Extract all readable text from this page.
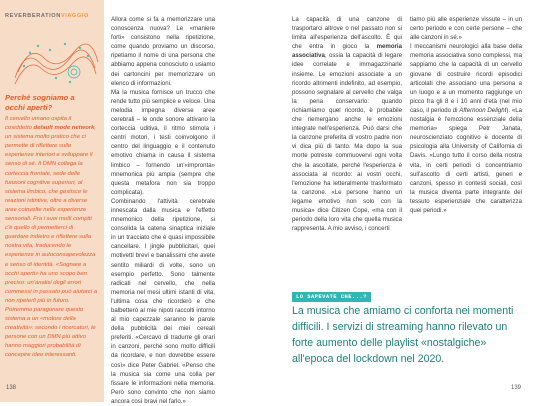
REVERBERATIONVIAGGIO
Perché sogniamo a occhi aperti?
Il cervello umano ospita il cosiddetto default mode network, un sistema molto pratico che ci permette di riflettere sulle esperienze interiori e sviluppare il senso di sé. Il DMN collega la corteccia frontale, sede delle funzioni cognitive superiori, al sistema limbico, che gestisce le reazioni istintive, oltre a diverse aree coinvolte nelle esperienze sensoriali. Fra i suoi molti compiti c'è quello di permetterci di guardare indietro e riflettere sulla nostra vita, traducendo le esperienze in autoconsapevolezza e senso di identità. «Sognare a occhi aperti» ha uno scopo ben preciso: un'analisi degli errori commessi in passato può aiutarci a non ripeterli più in futuro. Potremmo paragonare questo sistema a un «motore della creatività»: secondo i ricercatori, le persone con un DMN più attivo hanno maggiori probabilità di concepire idee interessanti.
138	139

Allora come si fa a memorizzare una conoscenza nuova? Le «maniere forti» consistono nella ripetizione, come quando proviamo un discorso, ripetiamo il nome di una persona che abbiamo appena conosciuto o usiamo dei cartoncini per memorizzare un elenco di informazioni.

Ma la musica fornisce un trucco che rende tutto più semplice e veloce. Una melodia impegna diverse aree cerebrali – le onde sonore attivano la corteccia uditiva, il ritmo stimola i centri motori, i testi coinvolgono il centro del linguaggio e il contenuto emotivo chiama in causa il sistema limbico – fornendo un'«impronta» mnemonica più ampia (sempre che questa metafora non sia troppo complicata).

Combinando l'attività cerebrale innescata dalla musica e l'effetto mnemonico della ripetizione, si consolida la catena sinaptica iniziale in un tracciato che è quasi impossibile cancellare. I jingle pubblicitari, quei motivetti brevi e banalissimi che avete sentito miliardi di volte, sono un esempio perfetto. Sono talmente radicati nel cervello, che nella memoria nel mesi ultimi istanti di vita, l'ultima cosa che ricorderò e che balbetterò al mie nipoti raccolti intorno al mio capezzale saranno le parole della pubblicità dei miei cereali preferiti. «Cercavo di tradurre gli orari in canzoni, perché sono molto difficili da ricordare, e non dovrebbe essere così» dice Peter Gabriel. «Penso che la musica sia come una colla per fissare le informazioni nella memoria. Però sono convinto che non siamo ancora così bravi nel farlo.»

La capacità di una canzone di trasportarci altrove o nel passato non si limita all'esperienza dell'ascolto. È qui che entra in gioco la memoria associativa, ossia la capacità di legare idee correlate e immagazzinarle insieme. Le emozioni associate a un ricordo altrimenti indefinito, ad esempio, possono segnalare al cervello che valga la pena conservarlo: quando richiamiamo quel ricordo, è probabile che riemergano anche le emozioni integrate nell'esperienza. Può darsi che la canzone preferita di vostro padre non vi dica più di tanto. Ma dopo la sua morte potreste commuovervi ogni volta che la ascoltate, perché l'esperienza è associata al ricordo: ai vostri occhi, l'emozione ha letteralmente trasformato la canzone. «Le persone hanno un legame emotivo non solo con la musica» dice Citizen Cope, «ma con il periodo della loro vita che quella musica rappresenta. A mio avviso, i concerti

tiamo più alle esperienze vissute – in un certo periodo e con certe persone – che alle canzoni in sé.»

I meccanismi neurologici alla base della memoria associativa sono complessi, ma sappiamo che la capacità di un cervello giovane di costruire ricordi episodici articolati che associano una persona a un luogo e a un momento raggiunge un picco fra gli 8 e i 10 anni d'età (nel mio caso, il periodo di Afternoon Delight). «La nostalgia è l'emozione essenziale della memoria» spiega Petr Janata, neuroscienziato cognitivo e docente di psicologia alla University of California di Davis. «Lungo tutto il corso della nostra vita, in certi periodi ci concentriamo sull'ascolto di certi artisti, generi e canzoni, spesso in contesti sociali, così la musica diventa parte integrante del tessuto esperienziale che caratterizza quei periodi.»

LO SAPEVATE CHE...?
La musica che amiamo ci conforta nei momenti difficili. I servizi di streaming hanno rilevato un forte aumento delle playlist «nostalgiche» all'epoca del lockdown nel 2020.
